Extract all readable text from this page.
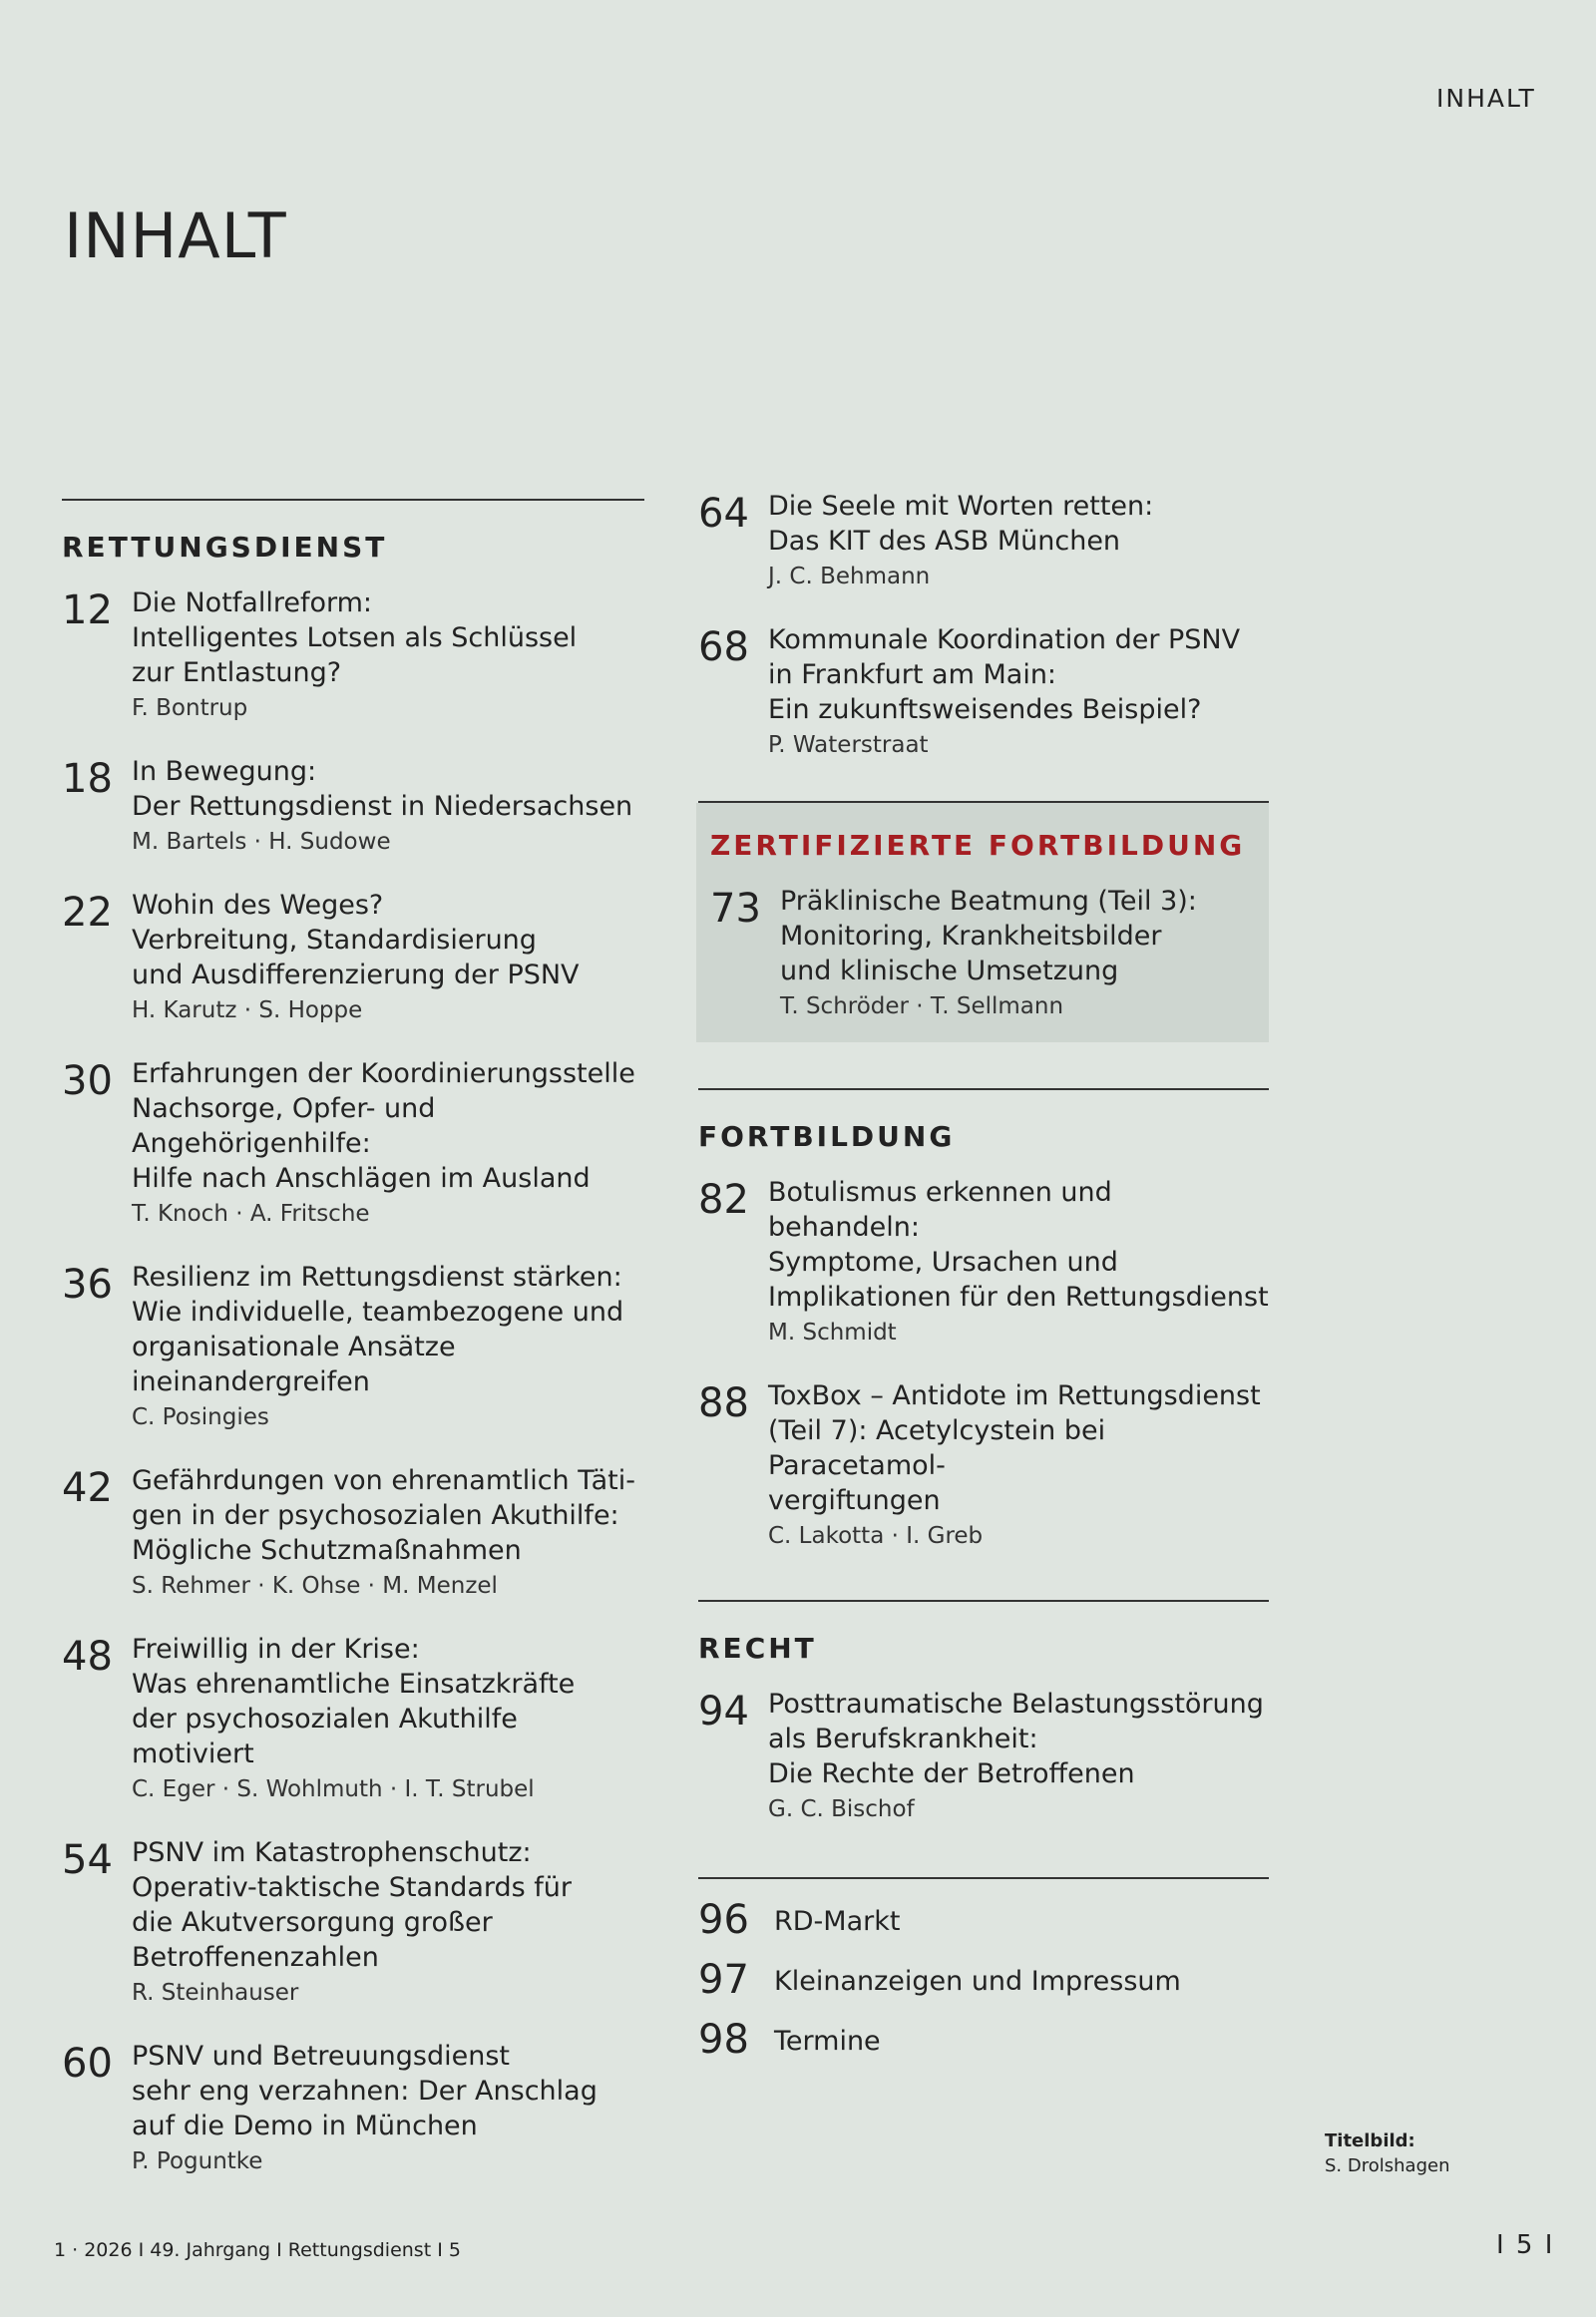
INHALT
INHALT
RETTUNGSDIENST
12 Die Notfallreform:
Intelligentes Lotsen als Schlüssel
zur Entlastung?
F. Bontrup
18 In Bewegung:
Der Rettungsdienst in Niedersachsen
M. Bartels · H. Sudowe
22 Wohin des Weges?
Verbreitung, Standardisierung
und Ausdifferenzierung der PSNV
H. Karutz · S. Hoppe
30 Erfahrungen der Koordinierungsstelle
Nachsorge, Opfer- und
Angehörigenhilfe:
Hilfe nach Anschlägen im Ausland
T. Knoch · A. Fritsche
36 Resilienz im Rettungsdienst stärken:
Wie individuelle, teambezogene und
organisationale Ansätze
ineinandergreifen
C. Posingies
42 Gefährdungen von ehrenamtlich Täti-
gen in der psychosozialen Akuthilfe:
Mögliche Schutzmaßnahmen
S. Rehmer · K. Ohse · M. Menzel
48 Freiwillig in der Krise:
Was ehrenamtliche Einsatzkräfte
der psychosozialen Akuthilfe motiviert
C. Eger · S. Wohlmuth · I. T. Strubel
54 PSNV im Katastrophenschutz:
Operativ-taktische Standards für
die Akutversorgung großer
Betroffenenzahlen
R. Steinhauser
60 PSNV und Betreuungsdienst
sehr eng verzahnen: Der Anschlag
auf die Demo in München
P. Poguntke
64 Die Seele mit Worten retten:
Das KIT des ASB München
J. C. Behmann
68 Kommunale Koordination der PSNV
in Frankfurt am Main:
Ein zukunftsweisendes Beispiel?
P. Waterstraat
ZERTIFIZIERTE FORTBILDUNG
73 Präklinische Beatmung (Teil 3):
Monitoring, Krankheitsbilder
und klinische Umsetzung
T. Schröder · T. Sellmann
FORTBILDUNG
82 Botulismus erkennen und behandeln:
Symptome, Ursachen und
Implikationen für den Rettungsdienst
M. Schmidt
88 ToxBox – Antidote im Rettungsdienst
(Teil 7): Acetylcystein bei Paracetamol-
vergiftungen
C. Lakotta · I. Greb
RECHT
94 Posttraumatische Belastungsstörung
als Berufskrankheit:
Die Rechte der Betroffenen
G. C. Bischof
96 RD-Markt
97 Kleinanzeigen und Impressum
98 Termine
Titelbild:
S. Drolshagen
1 · 2026 I 49. Jahrgang I Rettungsdienst I 5	I 5 I
